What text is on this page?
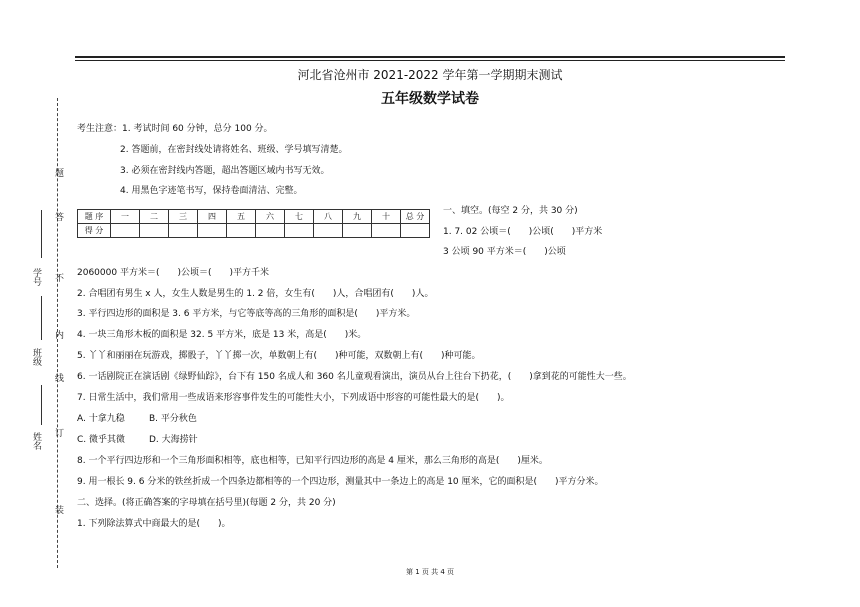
河北省沧州市 2021-2022 学年第一学期期末测试
五年级数学试卷
题
答
不
内
线
订
装
学号
班级
姓名
考生注意：1. 考试时间 60 分钟，总分 100 分。
2. 答题前，在密封线处请将姓名、班级、学号填写清楚。
3. 必须在密封线内答题，超出答题区域内书写无效。
4. 用黑色字迹笔书写，保持卷面清洁、完整。
题 序	一	二	三	四	五	六	七	八	九	十	总 分
得 分											
一、填空。(每空 2 分，共 30 分)
1. 7. 02 公顷＝(　　)公顷(　　)平方米
3 公顷 90 平方米＝(　　)公顷
2060000 平方米＝(　　)公顷＝(　　)平方千米
2. 合唱团有男生 x 人，女生人数是男生的 1. 2 倍，女生有(　　)人，合唱团有(　　)人。
3. 平行四边形的面积是 3. 6 平方米，与它等底等高的三角形的面积是(　　)平方米。
4. 一块三角形木板的面积是 32. 5 平方米，底是 13 米，高是(　　)米。
5. 丫丫和丽丽在玩游戏，掷骰子，丫丫掷一次，单数朝上有(　　)种可能，双数朝上有(　　)种可能。
6. 一话剧院正在演话剧《绿野仙踪》，台下有 150 名成人和 360 名儿童观看演出，演员从台上往台下扔花，(　　)拿到花的可能性大一些。
7. 日常生活中，我们常用一些成语来形容事件发生的可能性大小，下列成语中形容的可能性最大的是(　　)。
A. 十拿九稳	B. 平分秋色
C. 微乎其微	D. 大海捞针
8. 一个平行四边形和一个三角形面积相等，底也相等，已知平行四边形的高是 4 厘米，那么三角形的高是(　　)厘米。
9. 用一根长 9. 6 分米的铁丝折成一个四条边都相等的一个四边形，测量其中一条边上的高是 10 厘米，它的面积是(　　)平方分米。
二、选择。(将正确答案的字母填在括号里)(每题 2 分，共 20 分)
1. 下列除法算式中商最大的是(　　)。
第 1 页 共 4 页
